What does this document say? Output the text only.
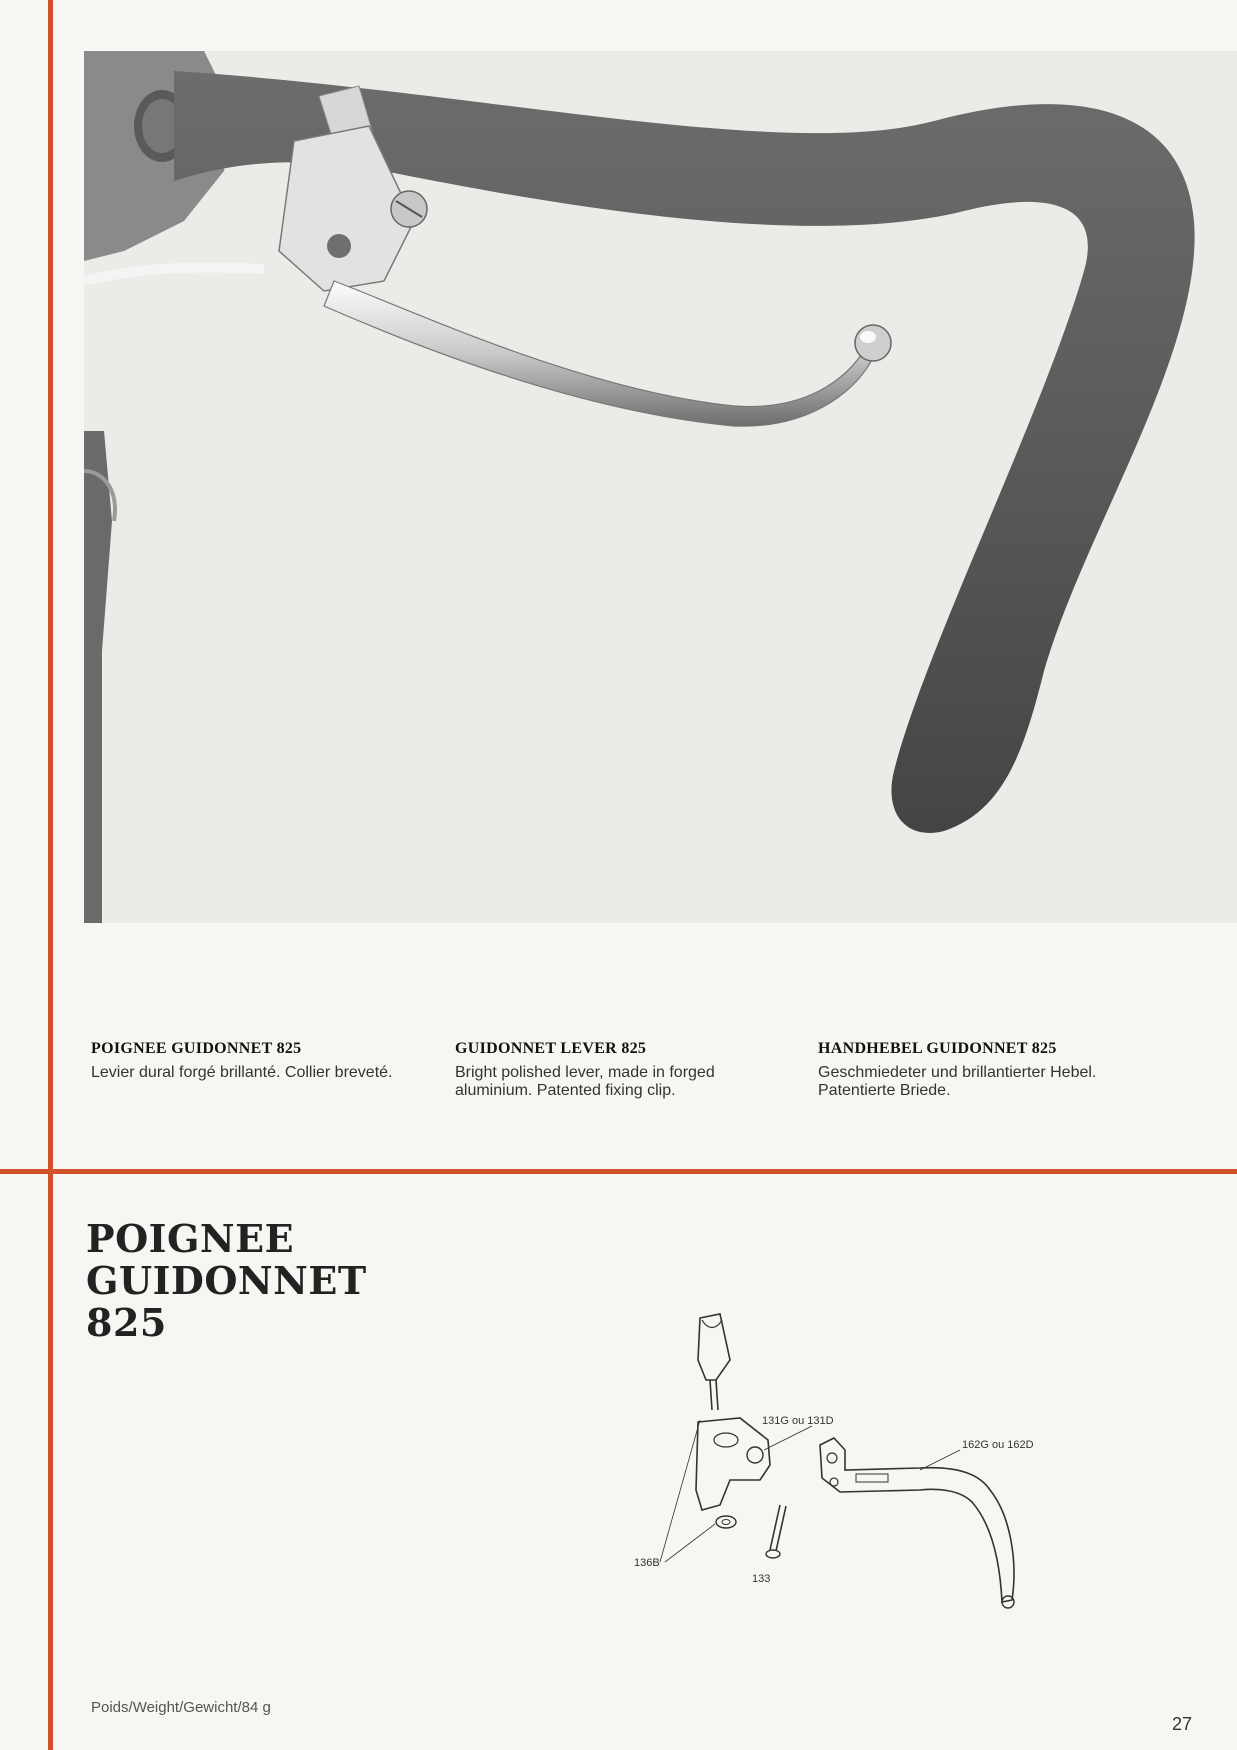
POIGNEE GUIDONNET 825
Levier dural forgé brillanté. Collier breveté.
GUIDONNET LEVER 825
Bright polished lever, made in forged aluminium. Patented fixing clip.
HANDHEBEL GUIDONNET 825
Geschmiedeter und brillantierter Hebel. Patentierte Briede.
POIGNEE
GUIDONNET
825
131G ou 131D
162G ou 162D
136B
133
Poids/Weight/Gewicht/84 g
27
